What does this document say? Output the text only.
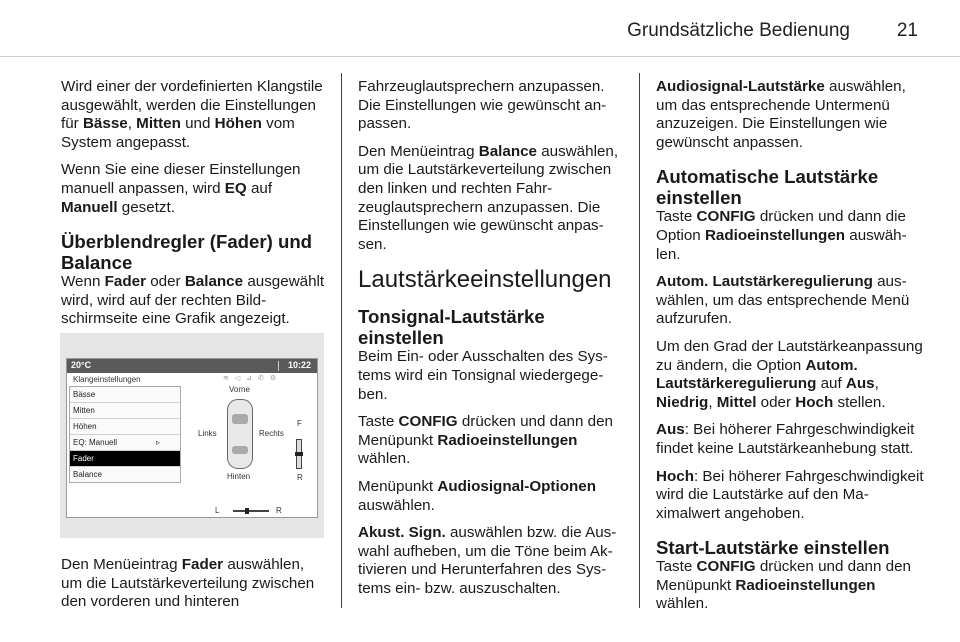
Grundsätzliche Bedienung	21

Wird einer der vordefinierten Klangstile ausgewählt, werden die Einstellungen für Bässe, Mitten und Höhen vom System angepasst.

Wenn Sie eine dieser Einstellungen manuell anpassen, wird EQ auf Manuell gesetzt.

Überblendregler (Fader) und Balance

Wenn Fader oder Balance ausgewählt wird, wird auf der rechten Bildschirmseite eine Grafik angezeigt.

20°C	10:22
Klangeinstellungen	≋ ◁ ⊿ ✆ ⚙
Bässe
Mitten
Höhen
EQ: Manuell	▹
Fader
Balance
Vorne
Links	Rechts
Hinten
F
R
L	R

Den Menüeintrag Fader auswählen, um die Lautstärkeverteilung zwischen den vorderen und hinteren

Fahrzeuglautsprechern anzupassen. Die Einstellungen wie gewünscht anpassen.

Den Menüeintrag Balance auswählen, um die Lautstärkeverteilung zwischen den linken und rechten Fahrzeuglautsprechern anzupassen. Die Einstellungen wie gewünscht anpassen.

Lautstärkeeinstellungen
Tonsignal-Lautstärke einstellen

Beim Ein- oder Ausschalten des Systems wird ein Tonsignal wiedergegeben.

Taste CONFIG drücken und dann den Menüpunkt Radioeinstellungen wählen.

Menüpunkt Audiosignal-Optionen auswählen.

Akust. Sign. auswählen bzw. die Auswahl aufheben, um die Töne beim Aktivieren und Herunterfahren des Systems ein- bzw. auszuschalten.

Audiosignal-Lautstärke auswählen, um das entsprechende Untermenü anzuzeigen. Die Einstellungen wie gewünscht anpassen.

Automatische Lautstärke einstellen

Taste CONFIG drücken und dann die Option Radioeinstellungen auswählen.

Autom. Lautstärkeregulierung auswählen, um das entsprechende Menü aufzurufen.

Um den Grad der Lautstärkeanpassung zu ändern, die Option Autom. Lautstärkeregulierung auf Aus, Niedrig, Mittel oder Hoch stellen.

Aus: Bei höherer Fahrgeschwindigkeit findet keine Lautstärkeanhebung statt.

Hoch: Bei höherer Fahrgeschwindigkeit wird die Lautstärke auf den Maximalwert angehoben.

Start-Lautstärke einstellen

Taste CONFIG drücken und dann den Menüpunkt Radioeinstellungen wählen.
